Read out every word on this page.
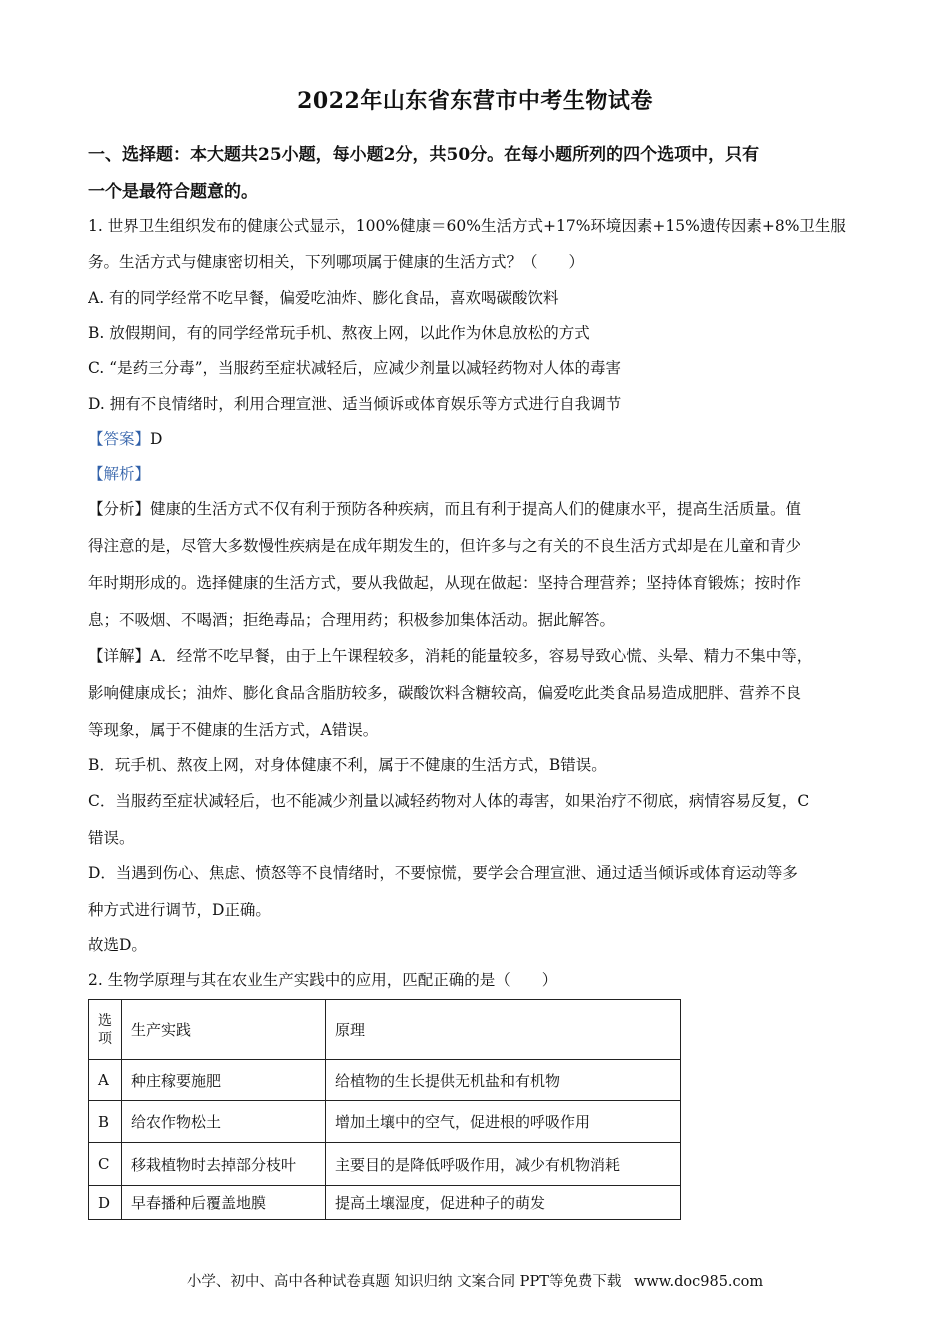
2022年山东省东营市中考生物试卷
一、选择题：本大题共25小题，每小题2分，共50分。在每小题所列的四个选项中，只有
一个是最符合题意的。
1. 世界卫生组织发布的健康公式显示，100%健康＝60%生活方式+17%环境因素+15%遗传因素+8%卫生服
务。生活方式与健康密切相关，下列哪项属于健康的生活方式？（　　）
A. 有的同学经常不吃早餐，偏爱吃油炸、膨化食品，喜欢喝碳酸饮料
B. 放假期间，有的同学经常玩手机、熬夜上网，以此作为休息放松的方式
C. “是药三分毒”，当服药至症状减轻后，应减少剂量以减轻药物对人体的毒害
D. 拥有不良情绪时，利用合理宣泄、适当倾诉或体育娱乐等方式进行自我调节
【答案】D
【解析】
【分析】健康的生活方式不仅有利于预防各种疾病，而且有利于提高人们的健康水平，提高生活质量。值
得注意的是，尽管大多数慢性疾病是在成年期发生的，但许多与之有关的不良生活方式却是在儿童和青少
年时期形成的。选择健康的生活方式，要从我做起，从现在做起：坚持合理营养；坚持体育锻炼；按时作
息；不吸烟、不喝酒；拒绝毒品；合理用药；积极参加集体活动。据此解答。
【详解】A．经常不吃早餐，由于上午课程较多，消耗的能量较多，容易导致心慌、头晕、精力不集中等，
影响健康成长；油炸、膨化食品含脂肪较多，碳酸饮料含糖较高，偏爱吃此类食品易造成肥胖、营养不良
等现象，属于不健康的生活方式，A错误。
B．玩手机、熬夜上网，对身体健康不利，属于不健康的生活方式，B错误。
C．当服药至症状减轻后，也不能减少剂量以减轻药物对人体的毒害，如果治疗不彻底，病情容易反复，C
错误。
D．当遇到伤心、焦虑、愤怒等不良情绪时，不要惊慌，要学会合理宣泄、通过适当倾诉或体育运动等多
种方式进行调节，D正确。
故选D。
2. 生物学原理与其在农业生产实践中的应用，匹配正确的是（　　）
选项	生产实践	原理
A	种庄稼要施肥	给植物的生长提供无机盐和有机物
B	给农作物松土	增加土壤中的空气，促进根的呼吸作用
C	移栽植物时去掉部分枝叶	主要目的是降低呼吸作用，减少有机物消耗
D	早春播种后覆盖地膜	提高土壤湿度，促进种子的萌发
小学、初中、高中各种试卷真题 知识归纳 文案合同 PPT等免费下载 www.doc985.com
